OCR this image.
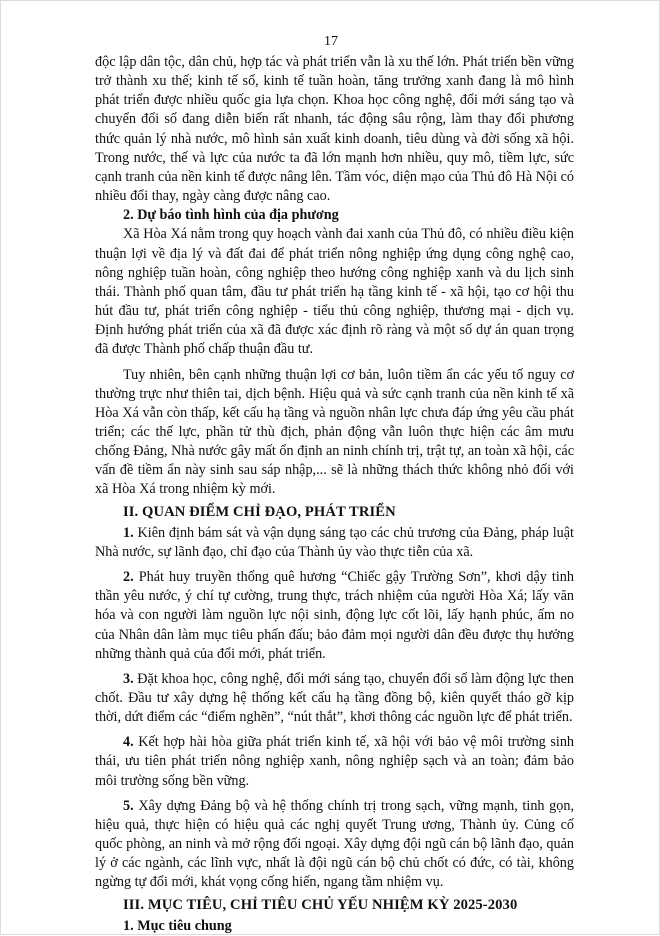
17

độc lập dân tộc, dân chủ, hợp tác và phát triển vẫn là xu thế lớn. Phát triển bền vững trở thành xu thế; kinh tế số, kinh tế tuần hoàn, tăng trưởng xanh đang là mô hình phát triển được nhiều quốc gia lựa chọn. Khoa học công nghệ, đổi mới sáng tạo và chuyển đổi số đang diễn biến rất nhanh, tác động sâu rộng, làm thay đổi phương thức quản lý nhà nước, mô hình sản xuất kinh doanh, tiêu dùng và đời sống xã hội. Trong nước, thế và lực của nước ta đã lớn mạnh hơn nhiều, quy mô, tiềm lực, sức cạnh tranh của nền kinh tế được nâng lên. Tầm vóc, diện mạo của Thủ đô Hà Nội có nhiều đổi thay, ngày càng được nâng cao.

2. Dự báo tình hình của địa phương

Xã Hòa Xá nằm trong quy hoạch vành đai xanh của Thủ đô, có nhiều điều kiện thuận lợi về địa lý và đất đai để phát triển nông nghiệp ứng dụng công nghệ cao, nông nghiệp tuần hoàn, công nghiệp theo hướng công nghiệp xanh và du lịch sinh thái. Thành phố quan tâm, đầu tư phát triển hạ tầng kinh tế - xã hội, tạo cơ hội thu hút đầu tư, phát triển công nghiệp - tiểu thủ công nghiệp, thương mại - dịch vụ. Định hướng phát triển của xã đã được xác định rõ ràng và một số dự án quan trọng đã được Thành phố chấp thuận đầu tư.

Tuy nhiên, bên cạnh những thuận lợi cơ bản, luôn tiềm ẩn các yếu tố nguy cơ thường trực như thiên tai, dịch bệnh. Hiệu quả và sức cạnh tranh của nền kinh tế xã Hòa Xá vẫn còn thấp, kết cấu hạ tầng và nguồn nhân lực chưa đáp ứng yêu cầu phát triển; các thế lực, phần tử thù địch, phản động vẫn luôn thực hiện các âm mưu chống Đảng, Nhà nước gây mất ổn định an ninh chính trị, trật tự, an toàn xã hội, các vấn đề tiềm ẩn này sinh sau sáp nhập,... sẽ là những thách thức không nhỏ đối với xã Hòa Xá trong nhiệm kỳ mới.

II. QUAN ĐIỂM CHỈ ĐẠO, PHÁT TRIỂN

1. Kiên định bám sát và vận dụng sáng tạo các chủ trương của Đảng, pháp luật Nhà nước, sự lãnh đạo, chỉ đạo của Thành ủy vào thực tiễn của xã.

2. Phát huy truyền thống quê hương “Chiếc gậy Trường Sơn”, khơi dậy tinh thần yêu nước, ý chí tự cường, trung thực, trách nhiệm của người Hòa Xá; lấy văn hóa và con người làm nguồn lực nội sinh, động lực cốt lõi, lấy hạnh phúc, ấm no của Nhân dân làm mục tiêu phấn đấu; bảo đảm mọi người dân đều được thụ hưởng những thành quả của đổi mới, phát triển.

3. Đặt khoa học, công nghệ, đổi mới sáng tạo, chuyển đổi số làm động lực then chốt. Đầu tư xây dựng hệ thống kết cấu hạ tầng đồng bộ, kiên quyết tháo gỡ kịp thời, dứt điểm các “điểm nghẽn”, “nút thắt”, khơi thông các nguồn lực để phát triển.

4. Kết hợp hài hòa giữa phát triển kinh tế, xã hội với bảo vệ môi trường sinh thái, ưu tiên phát triển nông nghiệp xanh, nông nghiệp sạch và an toàn; đảm bảo môi trường sống bền vững.

5. Xây dựng Đảng bộ và hệ thống chính trị trong sạch, vững mạnh, tinh gọn, hiệu quả, thực hiện có hiệu quả các nghị quyết Trung ương, Thành ủy. Củng cố quốc phòng, an ninh và mở rộng đối ngoại. Xây dựng đội ngũ cán bộ lãnh đạo, quản lý ở các ngành, các lĩnh vực, nhất là đội ngũ cán bộ chủ chốt có đức, có tài, không ngừng tự đổi mới, khát vọng cống hiến, ngang tầm nhiệm vụ.

III. MỤC TIÊU, CHỈ TIÊU CHỦ YẾU NHIỆM KỲ 2025-2030
1. Mục tiêu chung
